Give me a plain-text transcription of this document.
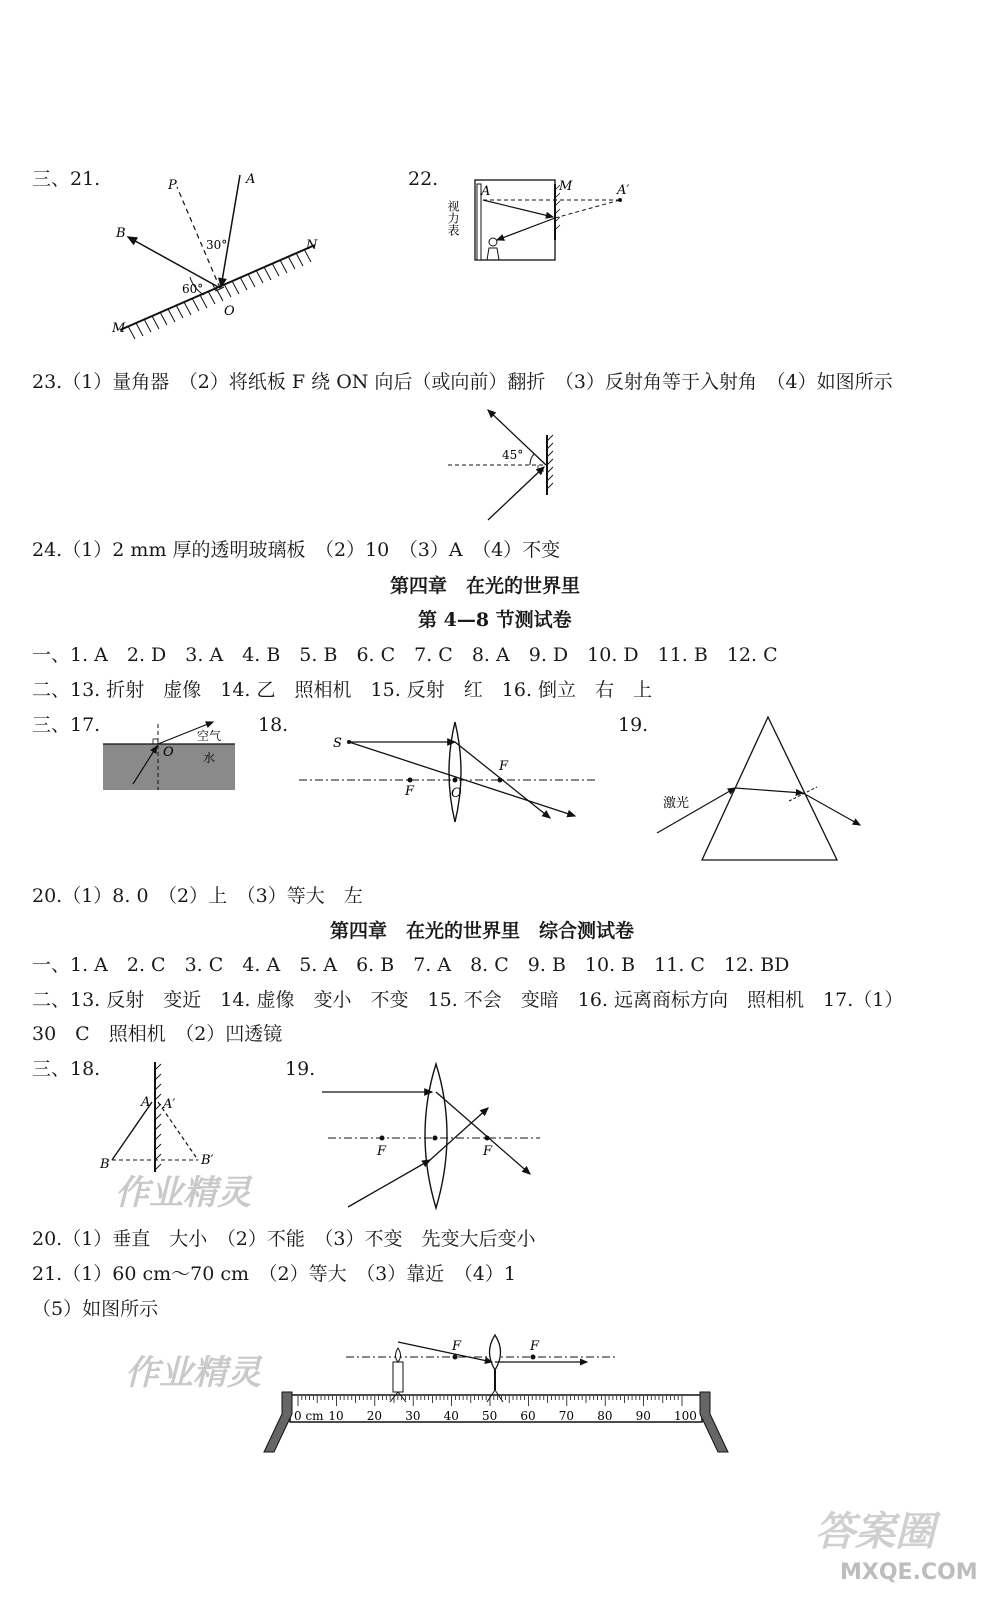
三、21.	22.
23.（1）量角器　（2）将纸板 F 绕 ON 向后（或向前）翻折　（3）反射角等于入射角　（4）如图所示
24.（1）2 mm 厚的透明玻璃板　（2）10　（3）A　（4）不变
第四章　在光的世界里
第 4—8 节测试卷
一、1. A　2. D　3. A　4. B　5. B　6. C　7. C　8. A　9. D　10. D　11. B　12. C
二、13. 折射　虚像　14. 乙　照相机　15. 反射　红　16. 倒立　右　上
三、17.	18.	19.
20.（1）8. 0　（2）上　（3）等大　左
第四章　在光的世界里　综合测试卷
一、1. A　2. C　3. C　4. A　5. A　6. B　7. A　8. C　9. B　10. B　11. C　12. BD
二、13. 反射　变近　14. 虚像　变小　不变　15. 不会　变暗　16. 远离商标方向　照相机　17.（1）
30　C　照相机　（2）凹透镜
三、18.	19.
20.（1）垂直　大小　（2）不能　（3）不变　先变大后变小
21.（1）60 cm～70 cm　（2）等大　（3）靠近　（4）1
（5）如图所示
P	A
B
N
M
O
30°
60°
视力表
A	M	A′
45°
空气
水
O
S
F
F
O
激光
A A′
B	B′
F	F
0 cm 10 20 30 40 50 60 70 80 90 100
F	F
作业精灵
作业精灵
答案圈
MXQE.COM
